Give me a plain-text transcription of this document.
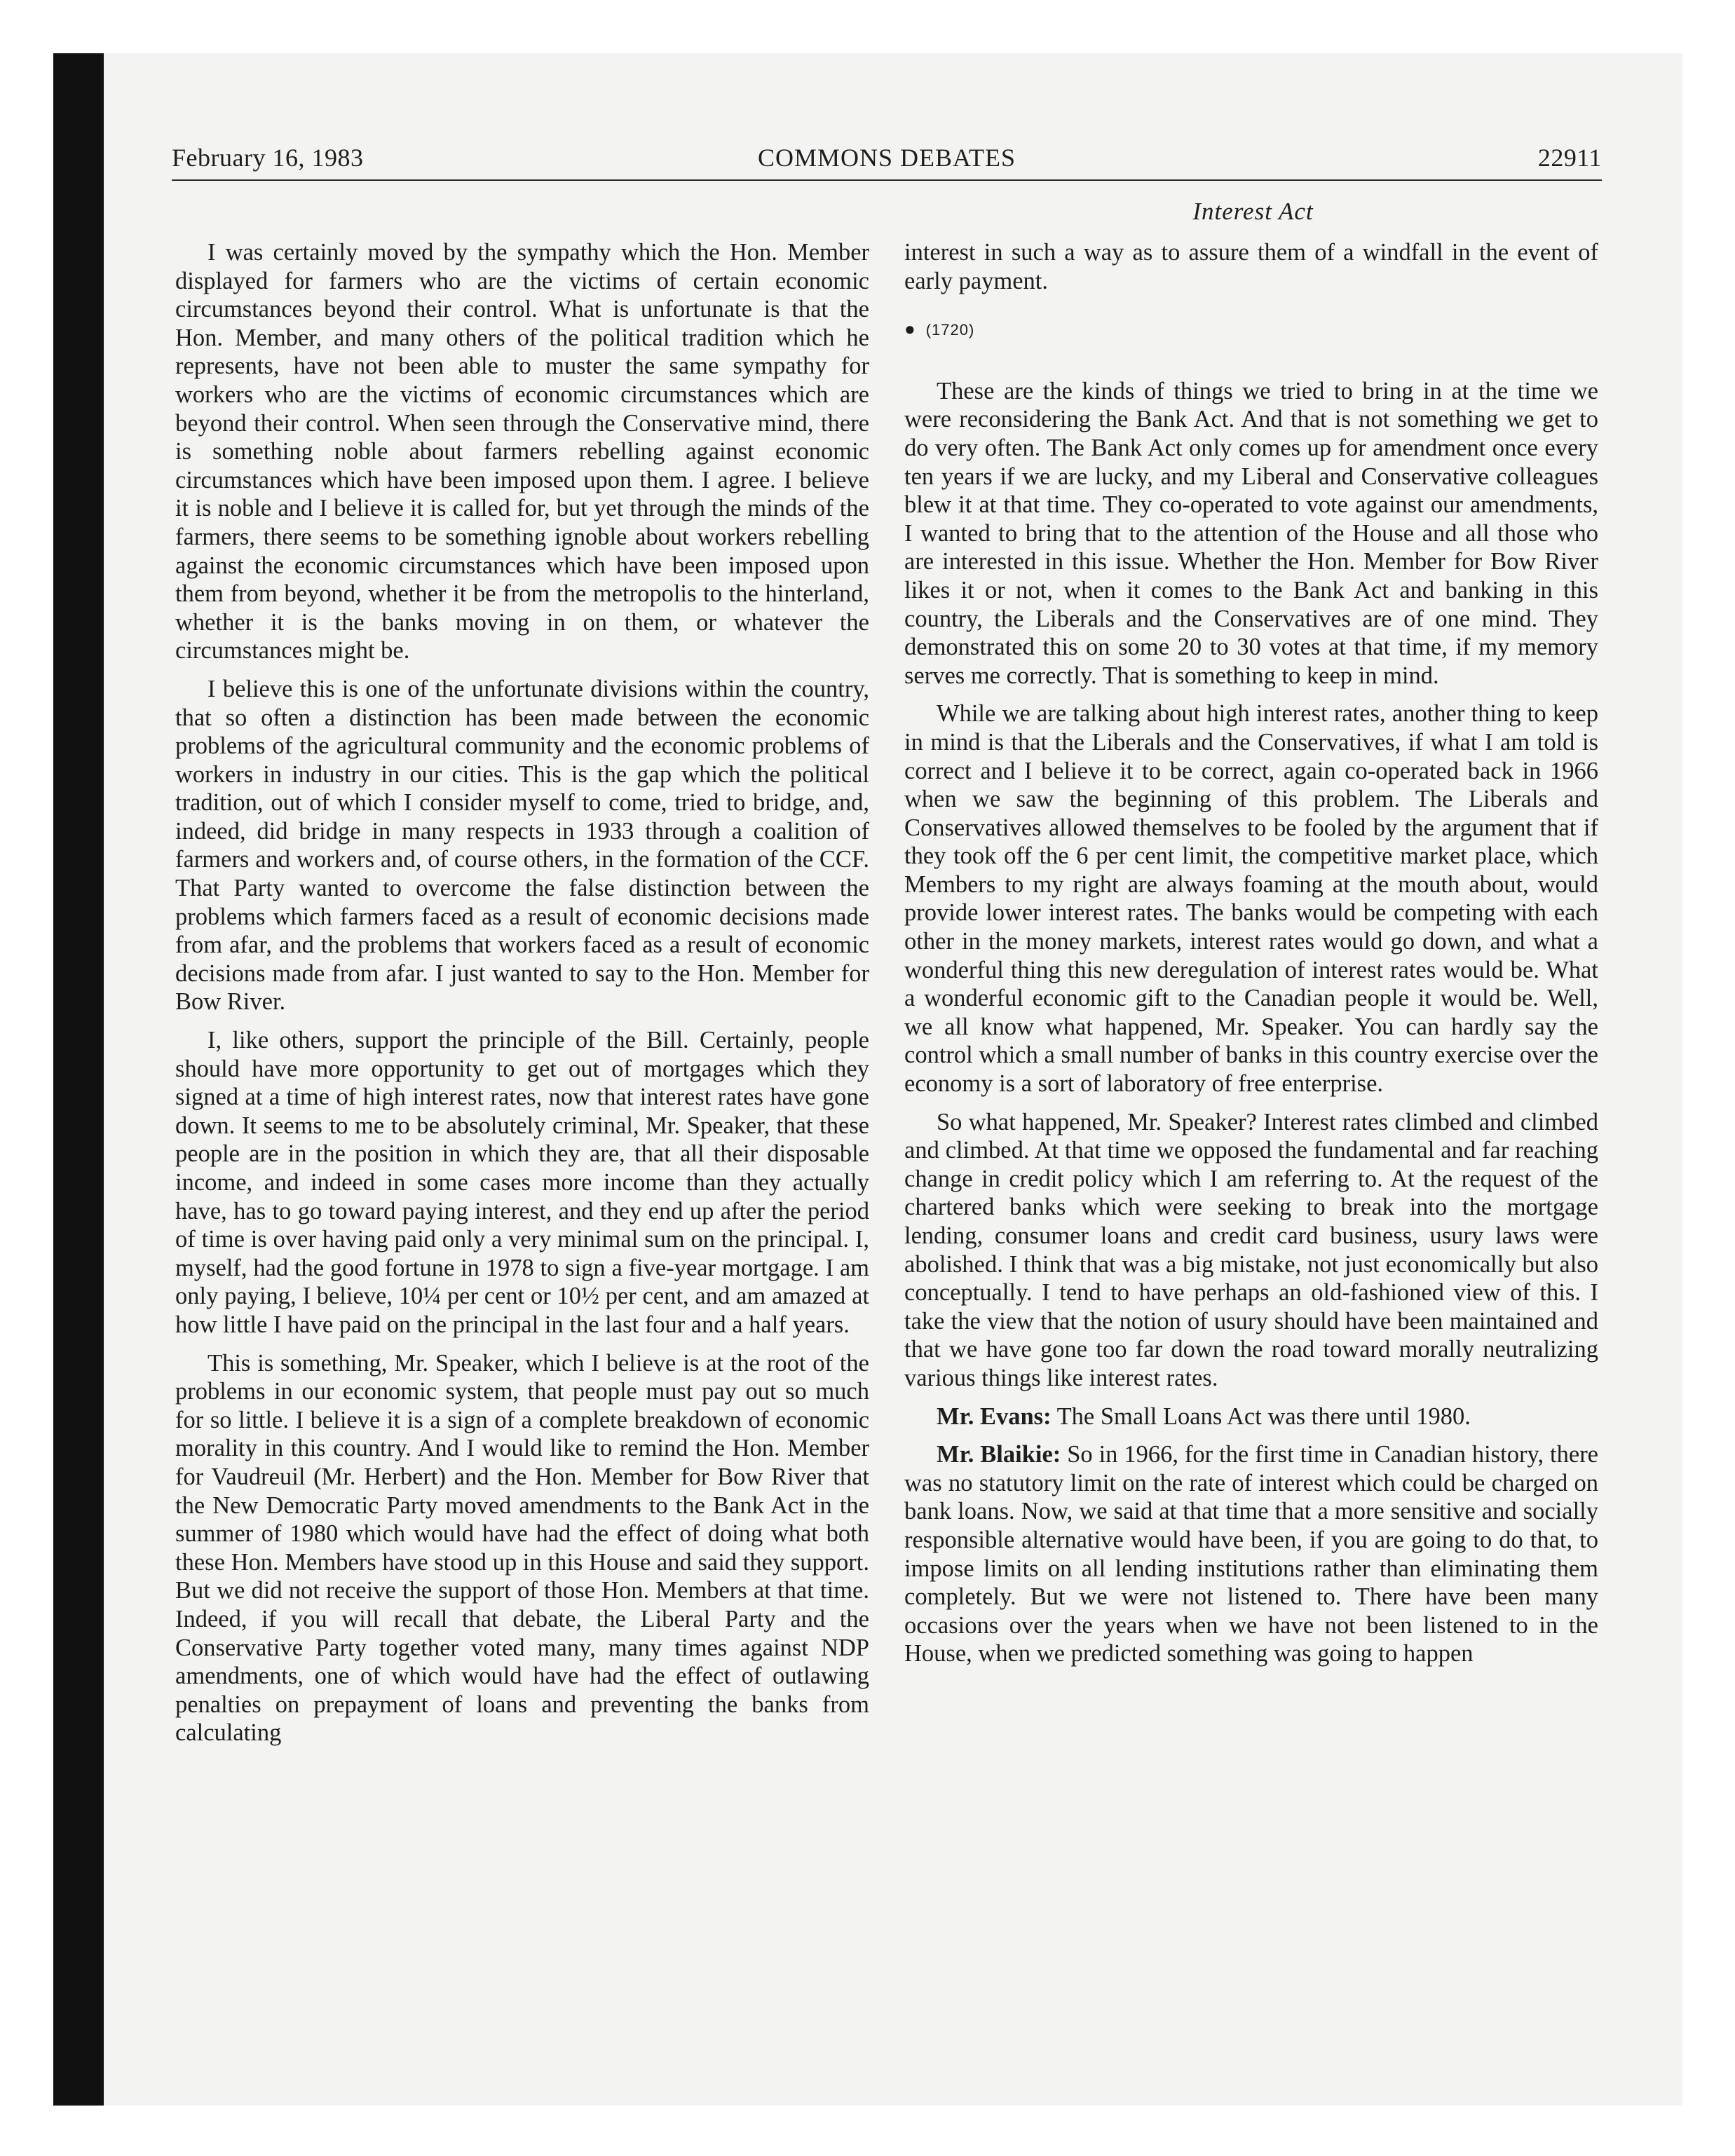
February 16, 1983	COMMONS DEBATES	22911
Interest Act

I was certainly moved by the sympathy which the Hon. Member displayed for farmers who are the victims of certain economic circumstances beyond their control. What is unfortunate is that the Hon. Member, and many others of the political tradition which he represents, have not been able to muster the same sympathy for workers who are the victims of economic circumstances which are beyond their control. When seen through the Conservative mind, there is something noble about farmers rebelling against economic circumstances which have been imposed upon them. I agree. I believe it is noble and I believe it is called for, but yet through the minds of the farmers, there seems to be something ignoble about workers rebelling against the economic circumstances which have been imposed upon them from beyond, whether it be from the metropolis to the hinterland, whether it is the banks moving in on them, or whatever the circumstances might be.

I believe this is one of the unfortunate divisions within the country, that so often a distinction has been made between the economic problems of the agricultural community and the economic problems of workers in industry in our cities. This is the gap which the political tradition, out of which I consider myself to come, tried to bridge, and, indeed, did bridge in many respects in 1933 through a coalition of farmers and workers and, of course others, in the formation of the CCF. That Party wanted to overcome the false distinction between the problems which farmers faced as a result of economic decisions made from afar, and the problems that workers faced as a result of economic decisions made from afar. I just wanted to say to the Hon. Member for Bow River.

I, like others, support the principle of the Bill. Certainly, people should have more opportunity to get out of mortgages which they signed at a time of high interest rates, now that interest rates have gone down. It seems to me to be absolutely criminal, Mr. Speaker, that these people are in the position in which they are, that all their disposable income, and indeed in some cases more income than they actually have, has to go toward paying interest, and they end up after the period of time is over having paid only a very minimal sum on the principal. I, myself, had the good fortune in 1978 to sign a five-year mortgage. I am only paying, I believe, 10¼ per cent or 10½ per cent, and am amazed at how little I have paid on the principal in the last four and a half years.

This is something, Mr. Speaker, which I believe is at the root of the problems in our economic system, that people must pay out so much for so little. I believe it is a sign of a complete breakdown of economic morality in this country. And I would like to remind the Hon. Member for Vaudreuil (Mr. Herbert) and the Hon. Member for Bow River that the New Democratic Party moved amendments to the Bank Act in the summer of 1980 which would have had the effect of doing what both these Hon. Members have stood up in this House and said they support. But we did not receive the support of those Hon. Members at that time. Indeed, if you will recall that debate, the Liberal Party and the Conservative Party together voted many, many times against NDP amendments, one of which would have had the effect of outlawing penalties on prepayment of loans and preventing the banks from calculating

interest in such a way as to assure them of a windfall in the event of early payment.

● (1720)

These are the kinds of things we tried to bring in at the time we were reconsidering the Bank Act. And that is not something we get to do very often. The Bank Act only comes up for amendment once every ten years if we are lucky, and my Liberal and Conservative colleagues blew it at that time. They co-operated to vote against our amendments, I wanted to bring that to the attention of the House and all those who are interested in this issue. Whether the Hon. Member for Bow River likes it or not, when it comes to the Bank Act and banking in this country, the Liberals and the Conservatives are of one mind. They demonstrated this on some 20 to 30 votes at that time, if my memory serves me correctly. That is something to keep in mind.

While we are talking about high interest rates, another thing to keep in mind is that the Liberals and the Conservatives, if what I am told is correct and I believe it to be correct, again co-operated back in 1966 when we saw the beginning of this problem. The Liberals and Conservatives allowed themselves to be fooled by the argument that if they took off the 6 per cent limit, the competitive market place, which Members to my right are always foaming at the mouth about, would provide lower interest rates. The banks would be competing with each other in the money markets, interest rates would go down, and what a wonderful thing this new deregulation of interest rates would be. What a wonderful economic gift to the Canadian people it would be. Well, we all know what happened, Mr. Speaker. You can hardly say the control which a small number of banks in this country exercise over the economy is a sort of laboratory of free enterprise.

So what happened, Mr. Speaker? Interest rates climbed and climbed and climbed. At that time we opposed the fundamental and far reaching change in credit policy which I am referring to. At the request of the chartered banks which were seeking to break into the mortgage lending, consumer loans and credit card business, usury laws were abolished. I think that was a big mistake, not just economically but also conceptually. I tend to have perhaps an old-fashioned view of this. I take the view that the notion of usury should have been maintained and that we have gone too far down the road toward morally neutralizing various things like interest rates.

Mr. Evans: The Small Loans Act was there until 1980.

Mr. Blaikie: So in 1966, for the first time in Canadian history, there was no statutory limit on the rate of interest which could be charged on bank loans. Now, we said at that time that a more sensitive and socially responsible alternative would have been, if you are going to do that, to impose limits on all lending institutions rather than eliminating them completely. But we were not listened to. There have been many occasions over the years when we have not been listened to in the House, when we predicted something was going to happen
